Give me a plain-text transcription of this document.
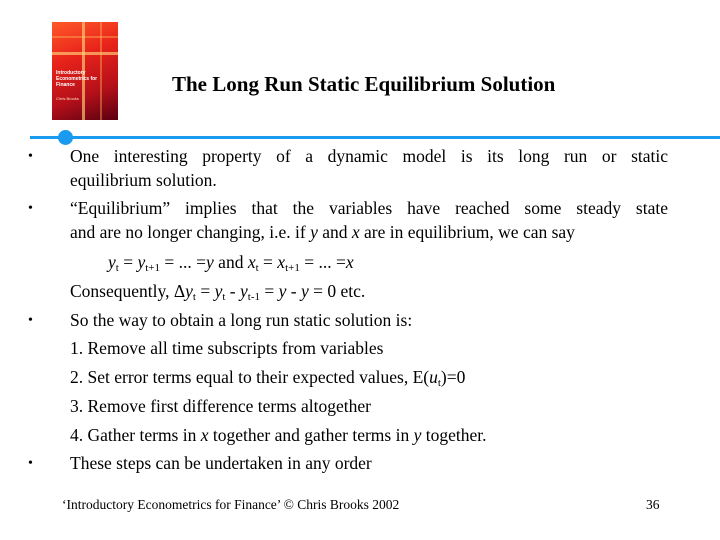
Introductory Econometrics for Finance
Chris Brooks
The Long Run Static Equilibrium Solution
• One interesting property of a dynamic model is its long run or static
equilibrium solution.
• “Equilibrium” implies that the variables have reached some steady state
and are no longer changing, i.e. if y and x are in equilibrium, we can say
$y_t = y_{t+1}$ = ... =y and $x_t = x_{t+1}$ = ... =x
Consequently, $\Delta y_t = y_t - y_{t-1} = y - y = 0$ etc.
• So the way to obtain a long run static solution is:
1. Remove all time subscripts from variables
2. Set error terms equal to their expected values, $E(u_t)=0$
3. Remove first difference terms altogether
4. Gather terms in x together and gather terms in y together.
• These steps can be undertaken in any order
‘Introductory Econometrics for Finance’ © Chris Brooks 2002	36
